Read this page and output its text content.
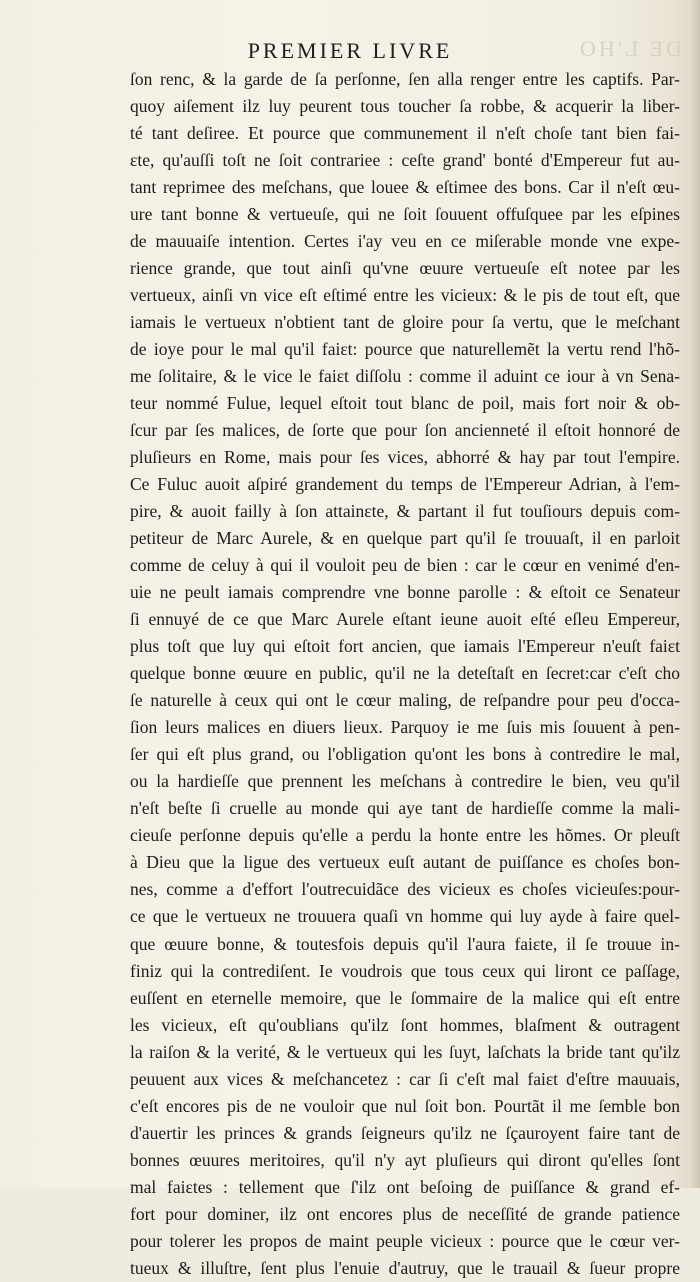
DE L'HO
PREMIER LIVRE
ſon renc, & la garde de ſa perſonne, ſen alla renger entre les captifs. Par-
quoy aiſement ilz luy peurent tous toucher ſa robbe, & acquerir la liber-
té tant deſiree. Et pource que communement il n'eſt choſe tant bien fai-
ɛte, qu'auſſi toſt ne ſoit contrariee : ceſte grand' bonté d'Empereur fut au-
tant reprimee des meſchans, que louee & eſtimee des bons. Car il n'eſt œu-
ure tant bonne & vertueuſe, qui ne ſoit ſouuent offuſquee par les eſpines
de mauuaiſe intention. Certes i'ay veu en ce miſerable monde vne expe-
rience grande, que tout ainſi qu'vne œuure vertueuſe eſt notee par les
vertueux, ainſi vn vice eſt eſtimé entre les vicieux: & le pis de tout eſt, que
iamais le vertueux n'obtient tant de gloire pour ſa vertu, que le meſchant
de ioye pour le mal qu'il faiɛt: pource que naturellemẽt la vertu rend l'hõ-
me ſolitaire, & le vice le faiɛt diſſolu : comme il aduint ce iour à vn Sena-
teur nommé Fulue, lequel eſtoit tout blanc de poil, mais fort noir & ob-
ſcur par ſes malices, de ſorte que pour ſon ancienneté il eſtoit honnoré de
pluſieurs en Rome, mais pour ſes vices, abhorré & hay par tout l'empire.
Ce Fuluc auoit aſpiré grandement du temps de l'Empereur Adrian, à l'em-
pire, & auoit failly à ſon attainɛte, & partant il fut touſiours depuis com-
petiteur de Marc Aurele, & en quelque part qu'il ſe trouuaſt, il en parloit
comme de celuy à qui il vouloit peu de bien : car le cœur en venimé d'en-
uie ne peult iamais comprendre vne bonne parolle : & eſtoit ce Senateur
ſi ennuyé de ce que Marc Aurele eſtant ieune auoit eſté eſleu Empereur,
plus toſt que luy qui eſtoit fort ancien, que iamais l'Empereur n'euſt faiɛt
quelque bonne œuure en public, qu'il ne la deteſtaſt en ſecret:car c'eſt cho
ſe naturelle à ceux qui ont le cœur maling, de reſpandre pour peu d'occa-
ſion leurs malices en diuers lieux. Parquoy ie me ſuis mis ſouuent à pen-
ſer qui eſt plus grand, ou l'obligation qu'ont les bons à contredire le mal,
ou la hardieſſe que prennent les meſchans à contredire le bien, veu qu'il
n'eſt beſte ſi cruelle au monde qui aye tant de hardieſſe comme la mali-
cieuſe perſonne depuis qu'elle a perdu la honte entre les hõmes. Or pleuſt
à Dieu que la ligue des vertueux euſt autant de puiſſance es choſes bon-
nes, comme a d'effort l'outrecuidãce des vicieux es choſes vicieuſes:pour-
ce que le vertueux ne trouuera quaſi vn homme qui luy ayde à faire quel-
que œuure bonne, & toutesfois depuis qu'il l'aura faiɛte, il ſe trouue in-
finiz qui la contrediſent. Ie voudrois que tous ceux qui liront ce paſſage,
euſſent en eternelle memoire, que le ſommaire de la malice qui eſt entre
les vicieux, eſt qu'oublians qu'ilz ſont hommes, blaſment & outragent
la raiſon & la verité, & le vertueux qui les ſuyt, laſchats la bride tant qu'ilz
peuuent aux vices & meſchancetez : car ſi c'eſt mal faiɛt d'eſtre mauuais,
c'eſt encores pis de ne vouloir que nul ſoit bon. Pourtãt il me ſemble bon
d'auertir les princes & grands ſeigneurs qu'ilz ne ſçauroyent faire tant de
bonnes œuures meritoires, qu'il n'y ayt pluſieurs qui diront qu'elles ſont
mal faiɛtes : tellement que ſ'ilz ont beſoing de puiſſance & grand ef-
fort pour dominer, ilz ont encores plus de neceſſité de grande patience
pour tolerer les propos de maint peuple vicieux : pource que le cœur ver-
tueux & illuſtre, ſent plus l'enuie d'autruy, que le trauail & ſueur propre
